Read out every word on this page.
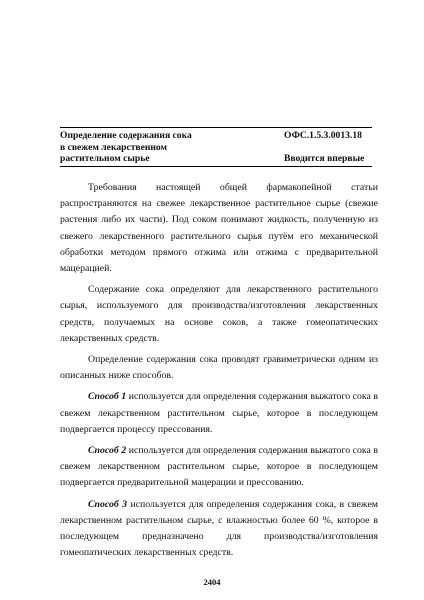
Определение содержания сока
в свежем лекарственном
растительном сырье
ОФС.1.5.3.0013.18
Вводится впервые

Требования настоящей общей фармакопейной статьи распространяются на свежее лекарственное растительное сырье (свежие растения либо их части). Под соком понимают жидкость, полученную из свежего лекарственного растительного сырья путём его механической обработки методом прямого отжима или отжима с предварительной мацерацией.

Содержание сока определяют для лекарственного растительного сырья, используемого для производства/изготовления лекарственных средств, получаемых на основе соков, а также гомеопатических лекарственных средств.

Определение содержания сока проводят гравиметрически одним из описанных ниже способов.

Способ 1 используется для определения содержания выжатого сока в свежем лекарственном растительном сырье, которое в последующем подвергается процессу прессования.

Способ 2 используется для определения содержания выжатого сока в свежем лекарственном растительном сырье, которое в последующем подвергается предварительной мацерации и прессованию.

Способ 3 используется для определения содержания сока, в свежем лекарственном растительном сырье, с влажностью более 60 %, которое в последующем предназначено для производства/изготовления гомеопатических лекарственных средств.

2404
